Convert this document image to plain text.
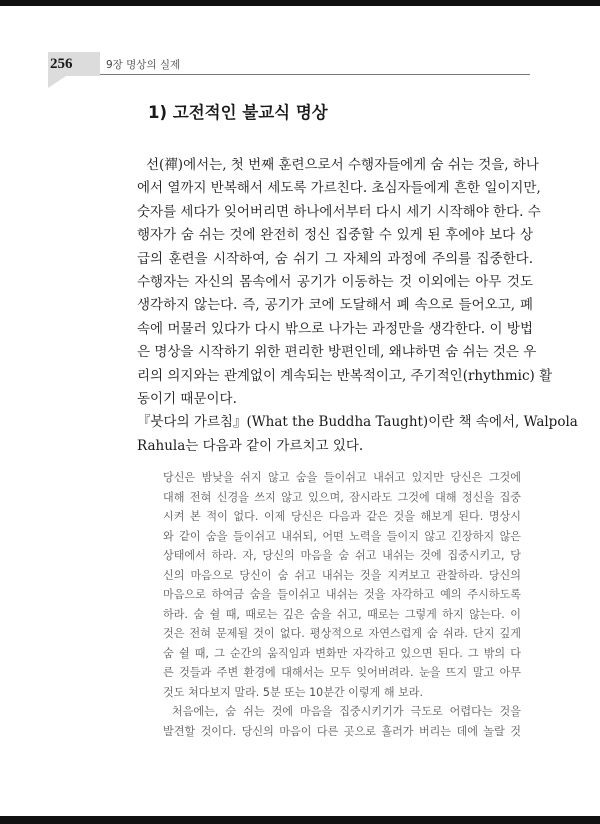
256	9장 명상의 실제
1) 고전적인 불교식 명상
선(禪)에서는, 첫 번째 훈련으로서 수행자들에게 숨 쉬는 것을, 하나
에서 열까지 반복해서 세도록 가르친다. 초심자들에게 흔한 일이지만,
숫자를 세다가 잊어버리면 하나에서부터 다시 세기 시작해야 한다. 수
행자가 숨 쉬는 것에 완전히 정신 집중할 수 있게 된 후에야 보다 상
급의 훈련을 시작하여, 숨 쉬기 그 자체의 과정에 주의를 집중한다.
수행자는 자신의 몸속에서 공기가 이동하는 것 이외에는 아무 것도
생각하지 않는다. 즉, 공기가 코에 도달해서 폐 속으로 들어오고, 폐
속에 머물러 있다가 다시 밖으로 나가는 과정만을 생각한다. 이 방법
은 명상을 시작하기 위한 편리한 방편인데, 왜냐하면 숨 쉬는 것은 우
리의 의지와는 관계없이 계속되는 반복적이고, 주기적인(rhythmic) 활
동이기 때문이다.
『붓다의 가르침』(What the Buddha Taught)이란 책 속에서, Walpola
Rahula는 다음과 같이 가르치고 있다.
당신은 밤낮을 쉬지 않고 숨을 들이쉬고 내쉬고 있지만 당신은 그것에
대해 전혀 신경을 쓰지 않고 있으며, 잠시라도 그것에 대해 정신을 집중
시켜 본 적이 없다. 이제 당신은 다음과 같은 것을 해보게 된다. 명상시
와 같이 숨을 들이쉬고 내쉬되, 어떤 노력을 들이지 않고 긴장하지 않은
상태에서 하라. 자, 당신의 마음을 숨 쉬고 내쉬는 것에 집중시키고, 당
신의 마음으로 당신이 숨 쉬고 내쉬는 것을 지켜보고 관찰하라. 당신의
마음으로 하여금 숨을 들이쉬고 내쉬는 것을 자각하고 예의 주시하도록
하라. 숨 쉴 때, 때로는 깊은 숨을 쉬고, 때로는 그렇게 하지 않는다. 이
것은 전혀 문제될 것이 없다. 평상적으로 자연스럽게 숨 쉬라. 단지 깊게
숨 쉴 때, 그 순간의 움직임과 변화만 자각하고 있으면 된다. 그 밖의 다
른 것들과 주변 환경에 대해서는 모두 잊어버려라. 눈을 뜨지 말고 아무
것도 쳐다보지 말라. 5분 또는 10분간 이렇게 해 보라.
처음에는, 숨 쉬는 것에 마음을 집중시키기가 극도로 어렵다는 것을
발견할 것이다. 당신의 마음이 다른 곳으로 흘러가 버리는 데에 놀랄 것
